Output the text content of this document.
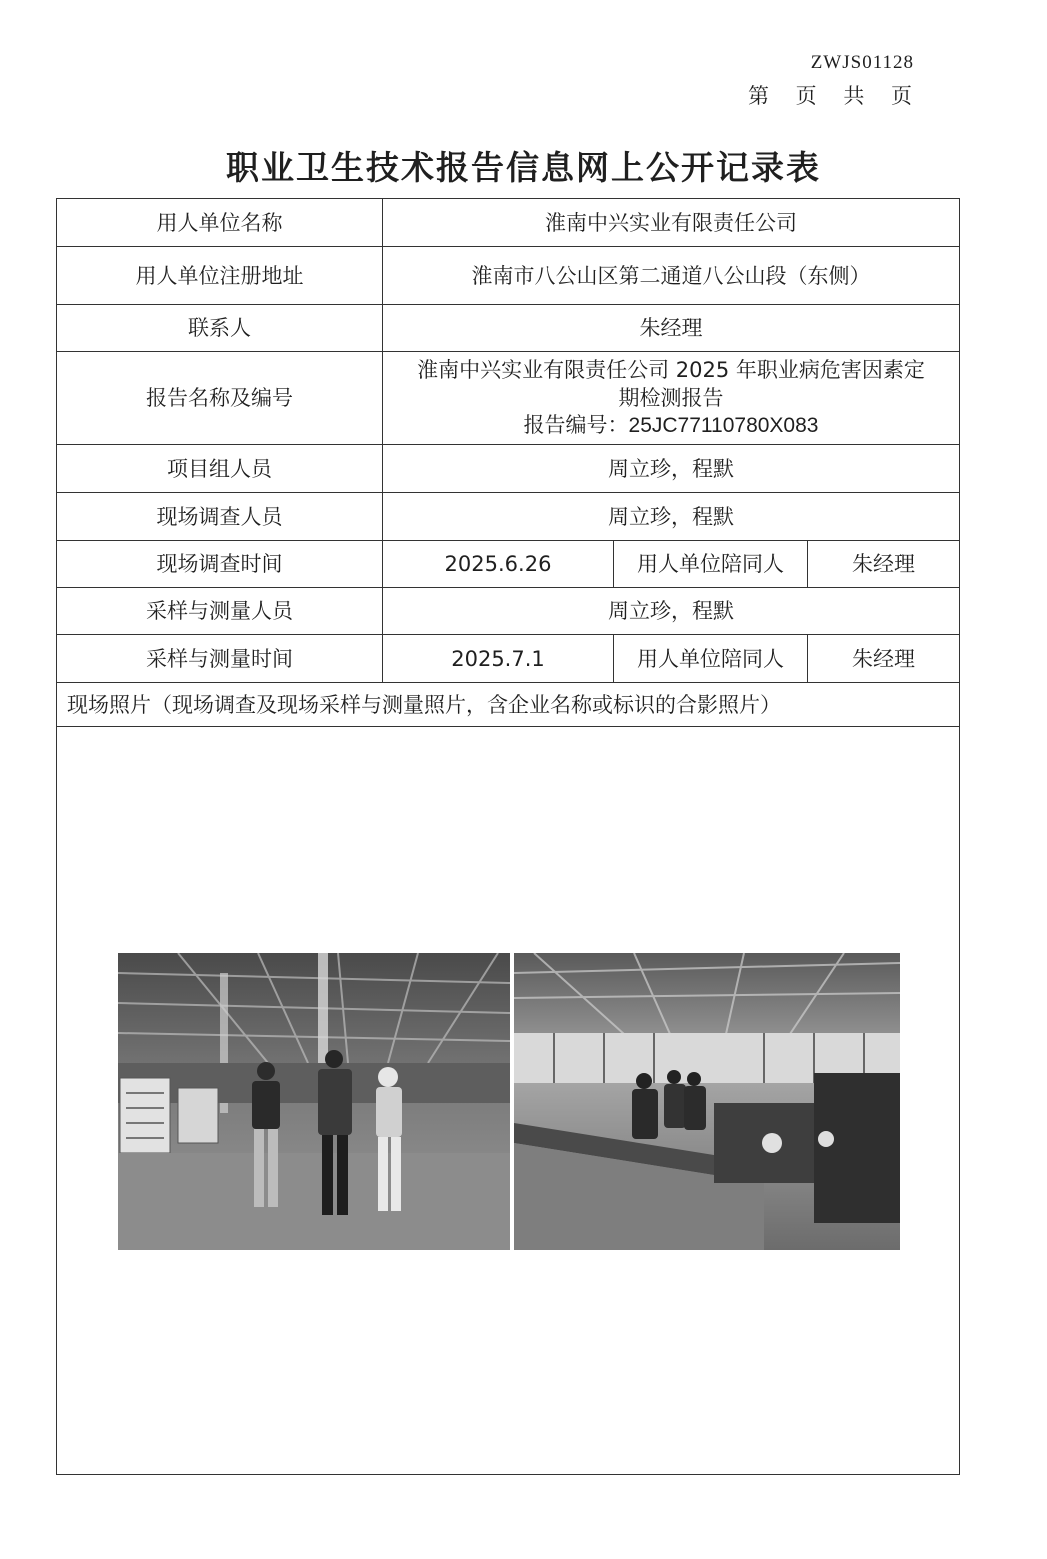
ZWJS01128
第 页 共 页
职业卫生技术报告信息网上公开记录表
用人单位名称	淮南中兴实业有限责任公司		
用人单位注册地址	淮南市八公山区第二通道八公山段（东侧）		
联系人	朱经理		
报告名称及编号	淮南中兴实业有限责任公司 2025 年职业病危害因素定
期检测报告
报告编号：25JC77110780X083		

项目组人员	周立珍，程默		
现场调查人员	周立珍，程默		
现场调查时间	2025.6.26	用人单位陪同人	朱经理
采样与测量人员	周立珍，程默		
采样与测量时间	2025.7.1	用人单位陪同人	朱经理
现场照片（现场调查及现场采样与测量照片，含企业名称或标识的合影照片）			
